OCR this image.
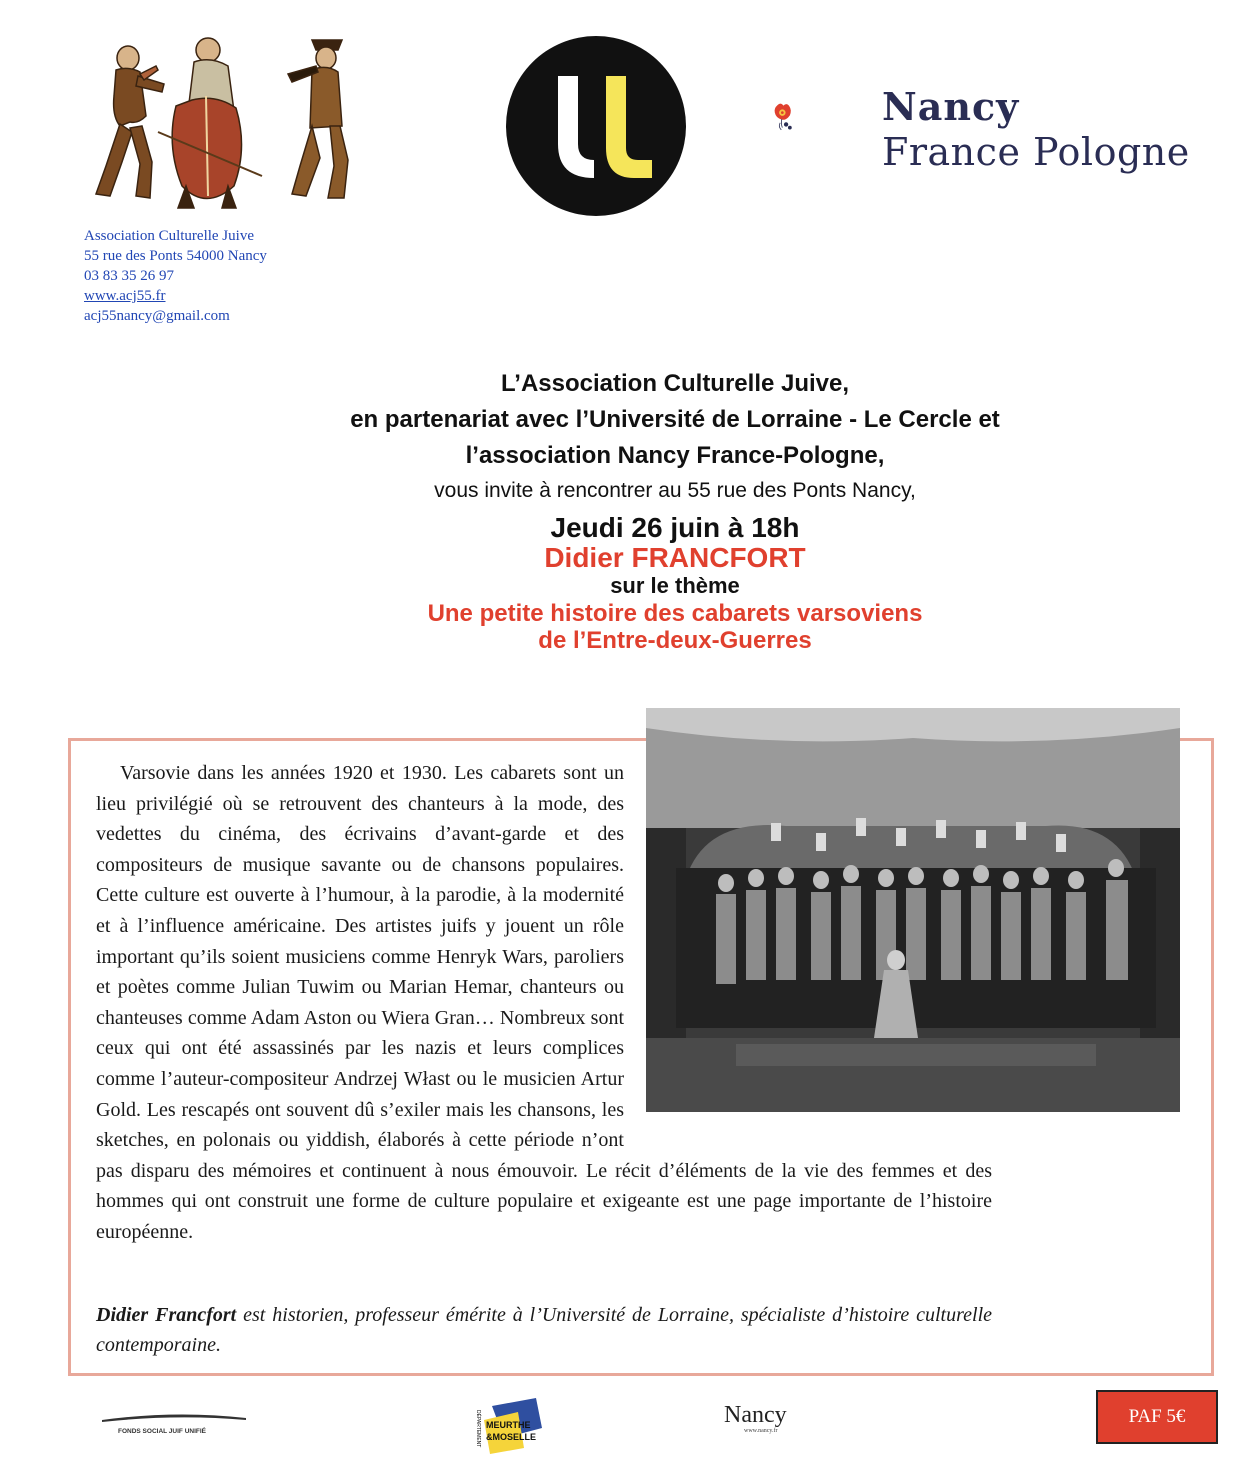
Nancy
France Pologne
Association Culturelle Juive
55 rue des Ponts 54000 Nancy
03 83 35 26 97
www.acj55.fr
acj55nancy@gmail.com
L’Association Culturelle Juive,
en partenariat avec l’Université de Lorraine - Le Cercle et
l’association Nancy France-Pologne,
vous invite à rencontrer au 55 rue des Ponts Nancy,
Jeudi 26 juin à 18h
Didier FRANCFORT
sur le thème
Une petite histoire des cabarets varsoviens
de l’Entre-deux-Guerres

Varsovie dans les années 1920 et 1930. Les cabarets sont un lieu privilégié où se retrouvent des chanteurs à la mode, des vedettes du cinéma, des écrivains d’avant-garde et des compositeurs de musique savante ou de chansons populaires. Cette culture est ouverte à l’humour, à la parodie, à la modernité et à l’influence américaine. Des artistes juifs y jouent un rôle important qu’ils soient musiciens comme Henryk Wars, paroliers et poètes comme Julian Tuwim ou Marian Hemar, chanteurs ou chanteuses comme Adam Aston ou Wiera Gran… Nombreux sont ceux qui ont été assassinés par les nazis et leurs complices comme l’auteur-compositeur Andrzej Włast ou le musicien Artur Gold. Les rescapés ont souvent dû s’exiler mais les chansons, les sketches, en polonais ou yiddish, élaborés à cette période n’ont pas disparu des mémoires et continuent à nous émouvoir. Le récit d’éléments de la vie des femmes et des hommes qui ont construit une forme de culture populaire et exigeante est une page importante de l’histoire européenne.

Didier Francfort est historien, professeur émérite à l’Université de Lorraine, spécialiste d’histoire culturelle contemporaine.
FONDS SOCIAL JUIF UNIFIÉ	DÉPARTEMENT MEURTHE
&MOSELLE
Nancy
www.nancy.fr
PAF 5€
